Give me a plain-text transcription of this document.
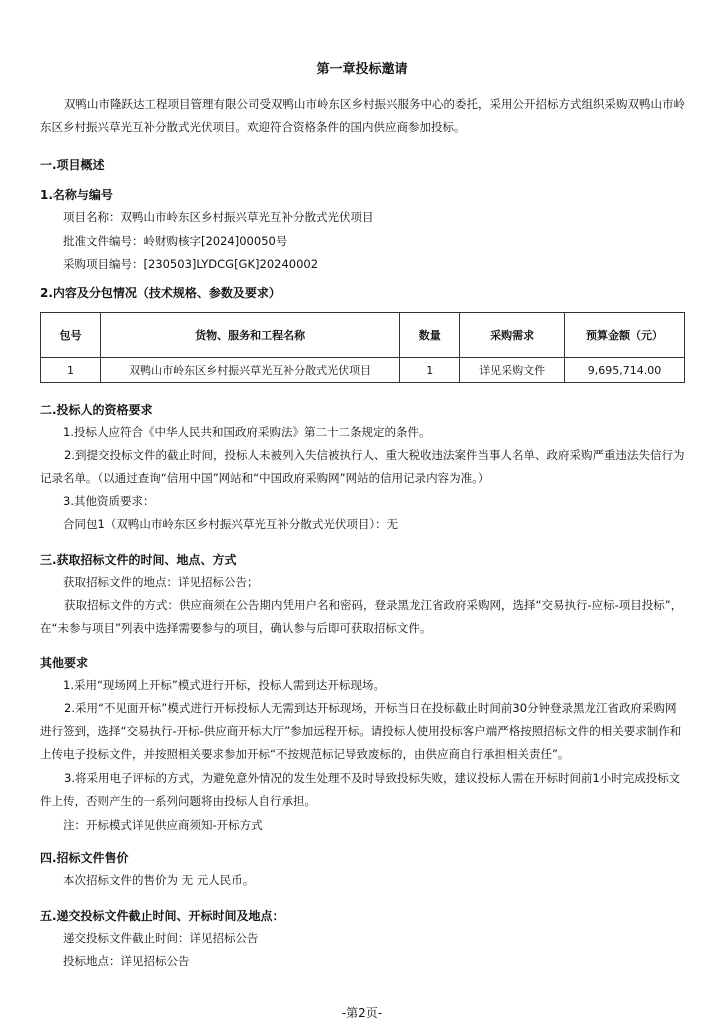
第一章投标邀请
双鸭山市隆跃达工程项目管理有限公司受双鸭山市岭东区乡村振兴服务中心的委托，采用公开招标方式组织采购双鸭山市岭东区乡村振兴草光互补分散式光伏项目。欢迎符合资格条件的国内供应商参加投标。
一.项目概述
1.名称与编号
项目名称：双鸭山市岭东区乡村振兴草光互补分散式光伏项目
批准文件编号：岭财购核字[2024]00050号
采购项目编号：[230503]LYDCG[GK]20240002
2.内容及分包情况（技术规格、参数及要求）
包号	货物、服务和工程名称	数量	采购需求	预算金额（元）
1	双鸭山市岭东区乡村振兴草光互补分散式光伏项目	1	详见采购文件	9,695,714.00
二.投标人的资格要求
1.投标人应符合《中华人民共和国政府采购法》第二十二条规定的条件。
2.到提交投标文件的截止时间，投标人未被列入失信被执行人、重大税收违法案件当事人名单、政府采购严重违法失信行为记录名单。（以通过查询“信用中国”网站和“中国政府采购网”网站的信用记录内容为准。）
3.其他资质要求：
合同包1（双鸭山市岭东区乡村振兴草光互补分散式光伏项目）：无
三.获取招标文件的时间、地点、方式
获取招标文件的地点：详见招标公告；
获取招标文件的方式：供应商须在公告期内凭用户名和密码，登录黑龙江省政府采购网，选择“交易执行-应标-项目投标”，在“未参与项目”列表中选择需要参与的项目，确认参与后即可获取招标文件。
其他要求
1.采用“现场网上开标”模式进行开标，投标人需到达开标现场。
2.采用“不见面开标”模式进行开标投标人无需到达开标现场，开标当日在投标截止时间前30分钟登录黑龙江省政府采购网进行签到，选择“交易执行-开标-供应商开标大厅”参加远程开标。请投标人使用投标客户端严格按照招标文件的相关要求制作和上传电子投标文件，并按照相关要求参加开标“不按规范标记导致废标的，由供应商自行承担相关责任”。
3.将采用电子评标的方式，为避免意外情况的发生处理不及时导致投标失败，建议投标人需在开标时间前1小时完成投标文件上传，否则产生的一系列问题将由投标人自行承担。
注：开标模式详见供应商须知-开标方式
四.招标文件售价
本次招标文件的售价为 无 元人民币。
五.递交投标文件截止时间、开标时间及地点：
递交投标文件截止时间：详见招标公告
投标地点：详见招标公告
-第2页-
